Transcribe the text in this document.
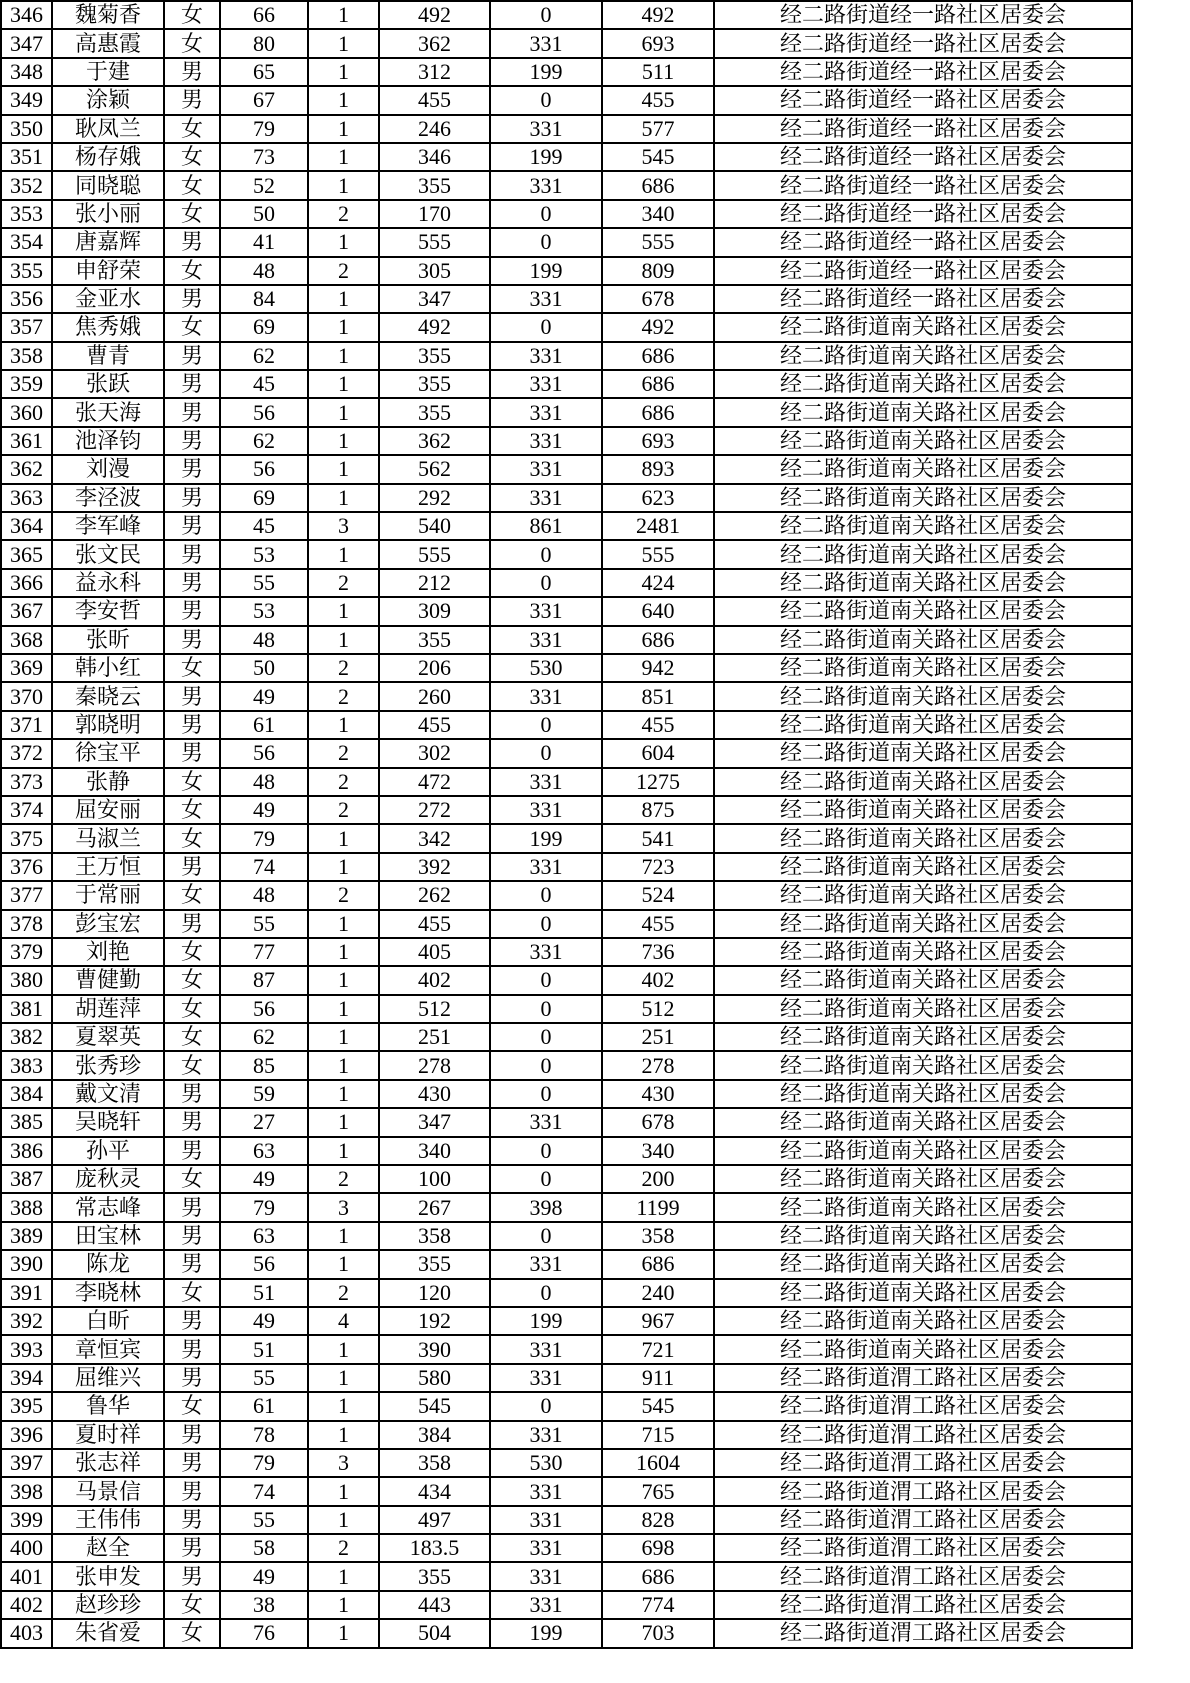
346	魏菊香	女	66	1	492	0	492	经二路街道经一路社区居委会
347	高惠霞	女	80	1	362	331	693	经二路街道经一路社区居委会
348	于建	男	65	1	312	199	511	经二路街道经一路社区居委会
349	涂颖	男	67	1	455	0	455	经二路街道经一路社区居委会
350	耿凤兰	女	79	1	246	331	577	经二路街道经一路社区居委会
351	杨存娥	女	73	1	346	199	545	经二路街道经一路社区居委会
352	同晓聪	女	52	1	355	331	686	经二路街道经一路社区居委会
353	张小丽	女	50	2	170	0	340	经二路街道经一路社区居委会
354	唐嘉辉	男	41	1	555	0	555	经二路街道经一路社区居委会
355	申舒荣	女	48	2	305	199	809	经二路街道经一路社区居委会
356	金亚水	男	84	1	347	331	678	经二路街道经一路社区居委会
357	焦秀娥	女	69	1	492	0	492	经二路街道南关路社区居委会
358	曹青	男	62	1	355	331	686	经二路街道南关路社区居委会
359	张跃	男	45	1	355	331	686	经二路街道南关路社区居委会
360	张天海	男	56	1	355	331	686	经二路街道南关路社区居委会
361	池泽钧	男	62	1	362	331	693	经二路街道南关路社区居委会
362	刘漫	男	56	1	562	331	893	经二路街道南关路社区居委会
363	李泾波	男	69	1	292	331	623	经二路街道南关路社区居委会
364	李军峰	男	45	3	540	861	2481	经二路街道南关路社区居委会
365	张文民	男	53	1	555	0	555	经二路街道南关路社区居委会
366	益永科	男	55	2	212	0	424	经二路街道南关路社区居委会
367	李安哲	男	53	1	309	331	640	经二路街道南关路社区居委会
368	张昕	男	48	1	355	331	686	经二路街道南关路社区居委会
369	韩小红	女	50	2	206	530	942	经二路街道南关路社区居委会
370	秦晓云	男	49	2	260	331	851	经二路街道南关路社区居委会
371	郭晓明	男	61	1	455	0	455	经二路街道南关路社区居委会
372	徐宝平	男	56	2	302	0	604	经二路街道南关路社区居委会
373	张静	女	48	2	472	331	1275	经二路街道南关路社区居委会
374	屈安丽	女	49	2	272	331	875	经二路街道南关路社区居委会
375	马淑兰	女	79	1	342	199	541	经二路街道南关路社区居委会
376	王万恒	男	74	1	392	331	723	经二路街道南关路社区居委会
377	于常丽	女	48	2	262	0	524	经二路街道南关路社区居委会
378	彭宝宏	男	55	1	455	0	455	经二路街道南关路社区居委会
379	刘艳	女	77	1	405	331	736	经二路街道南关路社区居委会
380	曹健勤	女	87	1	402	0	402	经二路街道南关路社区居委会
381	胡莲萍	女	56	1	512	0	512	经二路街道南关路社区居委会
382	夏翠英	女	62	1	251	0	251	经二路街道南关路社区居委会
383	张秀珍	女	85	1	278	0	278	经二路街道南关路社区居委会
384	戴文清	男	59	1	430	0	430	经二路街道南关路社区居委会
385	吴晓轩	男	27	1	347	331	678	经二路街道南关路社区居委会
386	孙平	男	63	1	340	0	340	经二路街道南关路社区居委会
387	庞秋灵	女	49	2	100	0	200	经二路街道南关路社区居委会
388	常志峰	男	79	3	267	398	1199	经二路街道南关路社区居委会
389	田宝林	男	63	1	358	0	358	经二路街道南关路社区居委会
390	陈龙	男	56	1	355	331	686	经二路街道南关路社区居委会
391	李晓林	女	51	2	120	0	240	经二路街道南关路社区居委会
392	白昕	男	49	4	192	199	967	经二路街道南关路社区居委会
393	章恒宾	男	51	1	390	331	721	经二路街道南关路社区居委会
394	屈维兴	男	55	1	580	331	911	经二路街道渭工路社区居委会
395	鲁华	女	61	1	545	0	545	经二路街道渭工路社区居委会
396	夏时祥	男	78	1	384	331	715	经二路街道渭工路社区居委会
397	张志祥	男	79	3	358	530	1604	经二路街道渭工路社区居委会
398	马景信	男	74	1	434	331	765	经二路街道渭工路社区居委会
399	王伟伟	男	55	1	497	331	828	经二路街道渭工路社区居委会
400	赵全	男	58	2	183.5	331	698	经二路街道渭工路社区居委会
401	张申发	男	49	1	355	331	686	经二路街道渭工路社区居委会
402	赵珍珍	女	38	1	443	331	774	经二路街道渭工路社区居委会
403	朱省爱	女	76	1	504	199	703	经二路街道渭工路社区居委会
